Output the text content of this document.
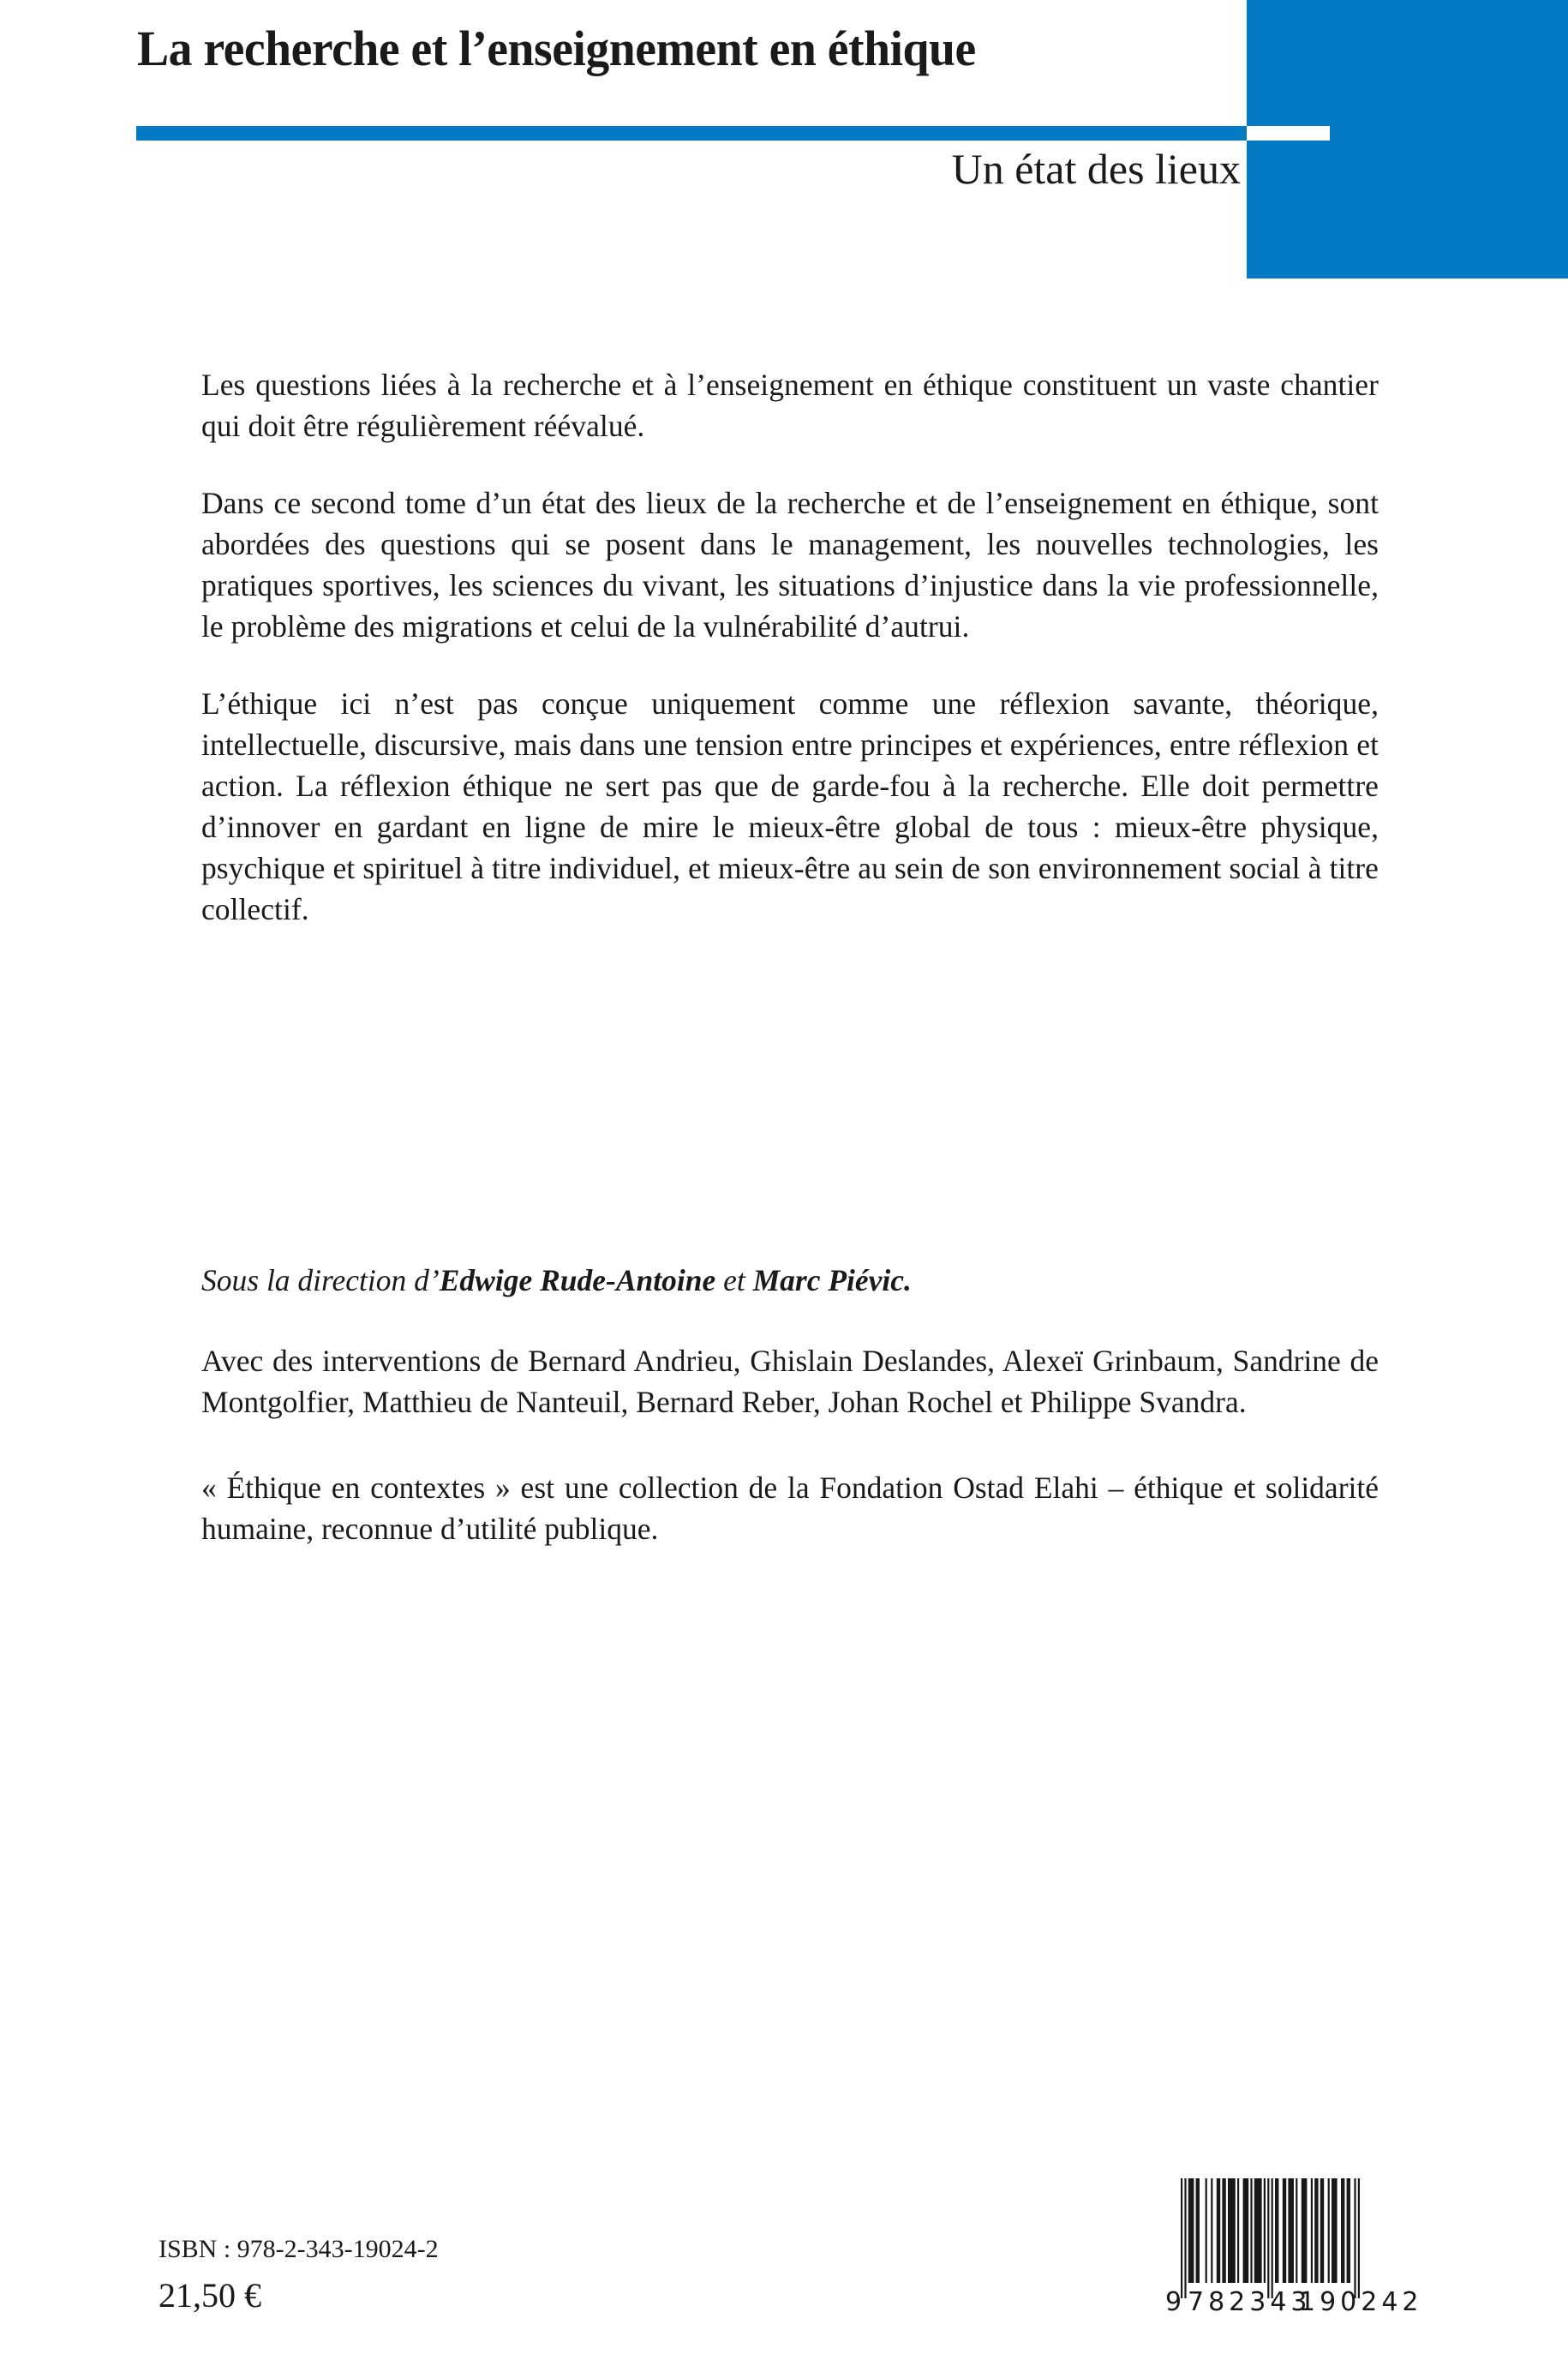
La recherche et l’enseignement en éthique
Un état des lieux

Les questions liées à la recherche et à l’enseignement en éthique constituent un vaste chantier qui doit être régulièrement réévalué.

Dans ce second tome d’un état des lieux de la recherche et de l’enseignement en éthique, sont abordées des questions qui se posent dans le management, les nouvelles technologies, les pratiques sportives, les sciences du vivant, les situations d’injustice dans la vie professionnelle, le problème des migrations et celui de la vulnérabilité d’autrui.

L’éthique ici n’est pas conçue uniquement comme une réflexion savante, théorique, intellectuelle, discursive, mais dans une tension entre principes et expériences, entre réflexion et action. La réflexion éthique ne sert pas que de garde-fou à la recherche. Elle doit permettre d’innover en gardant en ligne de mire le mieux-être global de tous : mieux-être physique, psychique et spirituel à titre individuel, et mieux-être au sein de son environnement social à titre collectif.

Sous la direction d’Edwige Rude-Antoine et Marc Piévic.

Avec des interventions de Bernard Andrieu, Ghislain Deslandes, Alexeï Grinbaum, Sandrine de Montgolfier, Matthieu de Nanteuil, Bernard Reber, Johan Rochel et Philippe Svandra.

« Éthique en contextes » est une collection de la Fondation Ostad Elahi – éthique et solidarité humaine, reconnue d’utilité publique.

ISBN : 978-2-343-19024-2
21,50 €	9 782343
190242
